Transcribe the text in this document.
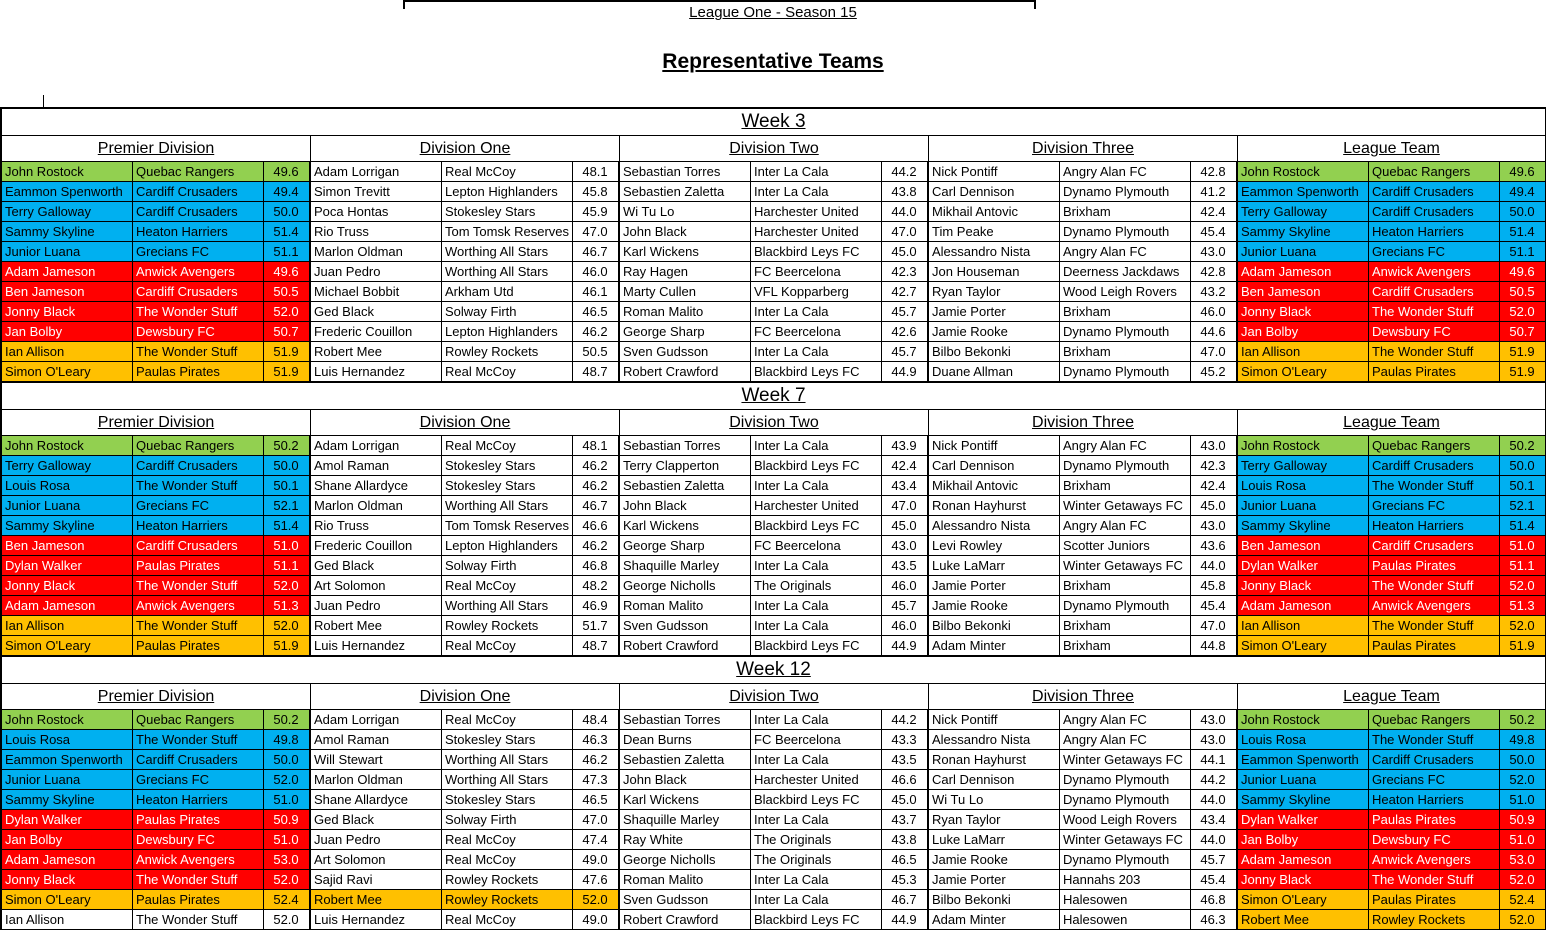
League One - Season 15
Representative Teams
Week 3
Premier Division	Division One	Division Two	Division Three	League Team
John Rostock	Quebac Rangers	49.6	Adam Lorrigan	Real McCoy	48.1	Sebastian Torres	Inter La Cala	44.2	Nick Pontiff	Angry Alan FC	42.8	John Rostock	Quebac Rangers	49.6
Eammon Spenworth	Cardiff Crusaders	49.4	Simon Trevitt	Lepton Highlanders	45.8	Sebastien Zaletta	Inter La Cala	43.8	Carl Dennison	Dynamo Plymouth	41.2	Eammon Spenworth	Cardiff Crusaders	49.4
Terry Galloway	Cardiff Crusaders	50.0	Poca Hontas	Stokesley Stars	45.9	Wi Tu Lo	Harchester United	44.0	Mikhail Antovic	Brixham	42.4	Terry Galloway	Cardiff Crusaders	50.0
Sammy Skyline	Heaton Harriers	51.4	Rio Truss	Tom Tomsk Reserves	47.0	John Black	Harchester United	47.0	Tim Peake	Dynamo Plymouth	45.4	Sammy Skyline	Heaton Harriers	51.4
Junior Luana	Grecians FC	51.1	Marlon Oldman	Worthing All Stars	46.7	Karl Wickens	Blackbird Leys FC	45.0	Alessandro Nista	Angry Alan FC	43.0	Junior Luana	Grecians FC	51.1
Adam Jameson	Anwick Avengers	49.6	Juan Pedro	Worthing All Stars	46.0	Ray Hagen	FC Beercelona	42.3	Jon Houseman	Deerness Jackdaws	42.8	Adam Jameson	Anwick Avengers	49.6
Ben Jameson	Cardiff Crusaders	50.5	Michael Bobbit	Arkham Utd	46.1	Marty Cullen	VFL Kopparberg	42.7	Ryan Taylor	Wood Leigh Rovers	43.2	Ben Jameson	Cardiff Crusaders	50.5
Jonny Black	The Wonder Stuff	52.0	Ged Black	Solway Firth	46.5	Roman Malito	Inter La Cala	45.7	Jamie Porter	Brixham	46.0	Jonny Black	The Wonder Stuff	52.0
Jan Bolby	Dewsbury FC	50.7	Frederic Couillon	Lepton Highlanders	46.2	George Sharp	FC Beercelona	42.6	Jamie Rooke	Dynamo Plymouth	44.6	Jan Bolby	Dewsbury FC	50.7
Ian Allison	The Wonder Stuff	51.9	Robert Mee	Rowley Rockets	50.5	Sven Gudsson	Inter La Cala	45.7	Bilbo Bekonki	Brixham	47.0	Ian Allison	The Wonder Stuff	51.9
Simon O'Leary	Paulas Pirates	51.9	Luis Hernandez	Real McCoy	48.7	Robert Crawford	Blackbird Leys FC	44.9	Duane Allman	Dynamo Plymouth	45.2	Simon O'Leary	Paulas Pirates	51.9
Week 7
Premier Division	Division One	Division Two	Division Three	League Team
John Rostock	Quebac Rangers	50.2	Adam Lorrigan	Real McCoy	48.1	Sebastian Torres	Inter La Cala	43.9	Nick Pontiff	Angry Alan FC	43.0	John Rostock	Quebac Rangers	50.2
Terry Galloway	Cardiff Crusaders	50.0	Amol Raman	Stokesley Stars	46.2	Terry Clapperton	Blackbird Leys FC	42.4	Carl Dennison	Dynamo Plymouth	42.3	Terry Galloway	Cardiff Crusaders	50.0
Louis Rosa	The Wonder Stuff	50.1	Shane Allardyce	Stokesley Stars	46.2	Sebastien Zaletta	Inter La Cala	43.4	Mikhail Antovic	Brixham	42.4	Louis Rosa	The Wonder Stuff	50.1
Junior Luana	Grecians FC	52.1	Marlon Oldman	Worthing All Stars	46.7	John Black	Harchester United	47.0	Ronan Hayhurst	Winter Getaways FC	45.0	Junior Luana	Grecians FC	52.1
Sammy Skyline	Heaton Harriers	51.4	Rio Truss	Tom Tomsk Reserves	46.6	Karl Wickens	Blackbird Leys FC	45.0	Alessandro Nista	Angry Alan FC	43.0	Sammy Skyline	Heaton Harriers	51.4
Ben Jameson	Cardiff Crusaders	51.0	Frederic Couillon	Lepton Highlanders	46.2	George Sharp	FC Beercelona	43.0	Levi Rowley	Scotter Juniors	43.6	Ben Jameson	Cardiff Crusaders	51.0
Dylan Walker	Paulas Pirates	51.1	Ged Black	Solway Firth	46.8	Shaquille Marley	Inter La Cala	43.5	Luke LaMarr	Winter Getaways FC	44.0	Dylan Walker	Paulas Pirates	51.1
Jonny Black	The Wonder Stuff	52.0	Art Solomon	Real McCoy	48.2	George Nicholls	The Originals	46.0	Jamie Porter	Brixham	45.8	Jonny Black	The Wonder Stuff	52.0
Adam Jameson	Anwick Avengers	51.3	Juan Pedro	Worthing All Stars	46.9	Roman Malito	Inter La Cala	45.7	Jamie Rooke	Dynamo Plymouth	45.4	Adam Jameson	Anwick Avengers	51.3
Ian Allison	The Wonder Stuff	52.0	Robert Mee	Rowley Rockets	51.7	Sven Gudsson	Inter La Cala	46.0	Bilbo Bekonki	Brixham	47.0	Ian Allison	The Wonder Stuff	52.0
Simon O'Leary	Paulas Pirates	51.9	Luis Hernandez	Real McCoy	48.7	Robert Crawford	Blackbird Leys FC	44.9	Adam Minter	Brixham	44.8	Simon O'Leary	Paulas Pirates	51.9
Week 12
Premier Division	Division One	Division Two	Division Three	League Team
John Rostock	Quebac Rangers	50.2	Adam Lorrigan	Real McCoy	48.4	Sebastian Torres	Inter La Cala	44.2	Nick Pontiff	Angry Alan FC	43.0	John Rostock	Quebac Rangers	50.2
Louis Rosa	The Wonder Stuff	49.8	Amol Raman	Stokesley Stars	46.3	Dean Burns	FC Beercelona	43.3	Alessandro Nista	Angry Alan FC	43.0	Louis Rosa	The Wonder Stuff	49.8
Eammon Spenworth	Cardiff Crusaders	50.0	Will Stewart	Worthing All Stars	46.2	Sebastien Zaletta	Inter La Cala	43.5	Ronan Hayhurst	Winter Getaways FC	44.1	Eammon Spenworth	Cardiff Crusaders	50.0
Junior Luana	Grecians FC	52.0	Marlon Oldman	Worthing All Stars	47.3	John Black	Harchester United	46.6	Carl Dennison	Dynamo Plymouth	44.2	Junior Luana	Grecians FC	52.0
Sammy Skyline	Heaton Harriers	51.0	Shane Allardyce	Stokesley Stars	46.5	Karl Wickens	Blackbird Leys FC	45.0	Wi Tu Lo	Dynamo Plymouth	44.0	Sammy Skyline	Heaton Harriers	51.0
Dylan Walker	Paulas Pirates	50.9	Ged Black	Solway Firth	47.0	Shaquille Marley	Inter La Cala	43.7	Ryan Taylor	Wood Leigh Rovers	43.4	Dylan Walker	Paulas Pirates	50.9
Jan Bolby	Dewsbury FC	51.0	Juan Pedro	Real McCoy	47.4	Ray White	The Originals	43.8	Luke LaMarr	Winter Getaways FC	44.0	Jan Bolby	Dewsbury FC	51.0
Adam Jameson	Anwick Avengers	53.0	Art Solomon	Real McCoy	49.0	George Nicholls	The Originals	46.5	Jamie Rooke	Dynamo Plymouth	45.7	Adam Jameson	Anwick Avengers	53.0
Jonny Black	The Wonder Stuff	52.0	Sajid Ravi	Rowley Rockets	47.6	Roman Malito	Inter La Cala	45.3	Jamie Porter	Hannahs 203	45.4	Jonny Black	The Wonder Stuff	52.0
Simon O'Leary	Paulas Pirates	52.4	Robert Mee	Rowley Rockets	52.0	Sven Gudsson	Inter La Cala	46.7	Bilbo Bekonki	Halesowen	46.8	Simon O'Leary	Paulas Pirates	52.4
Ian Allison	The Wonder Stuff	52.0	Luis Hernandez	Real McCoy	49.0	Robert Crawford	Blackbird Leys FC	44.9	Adam Minter	Halesowen	46.3	Robert Mee	Rowley Rockets	52.0
